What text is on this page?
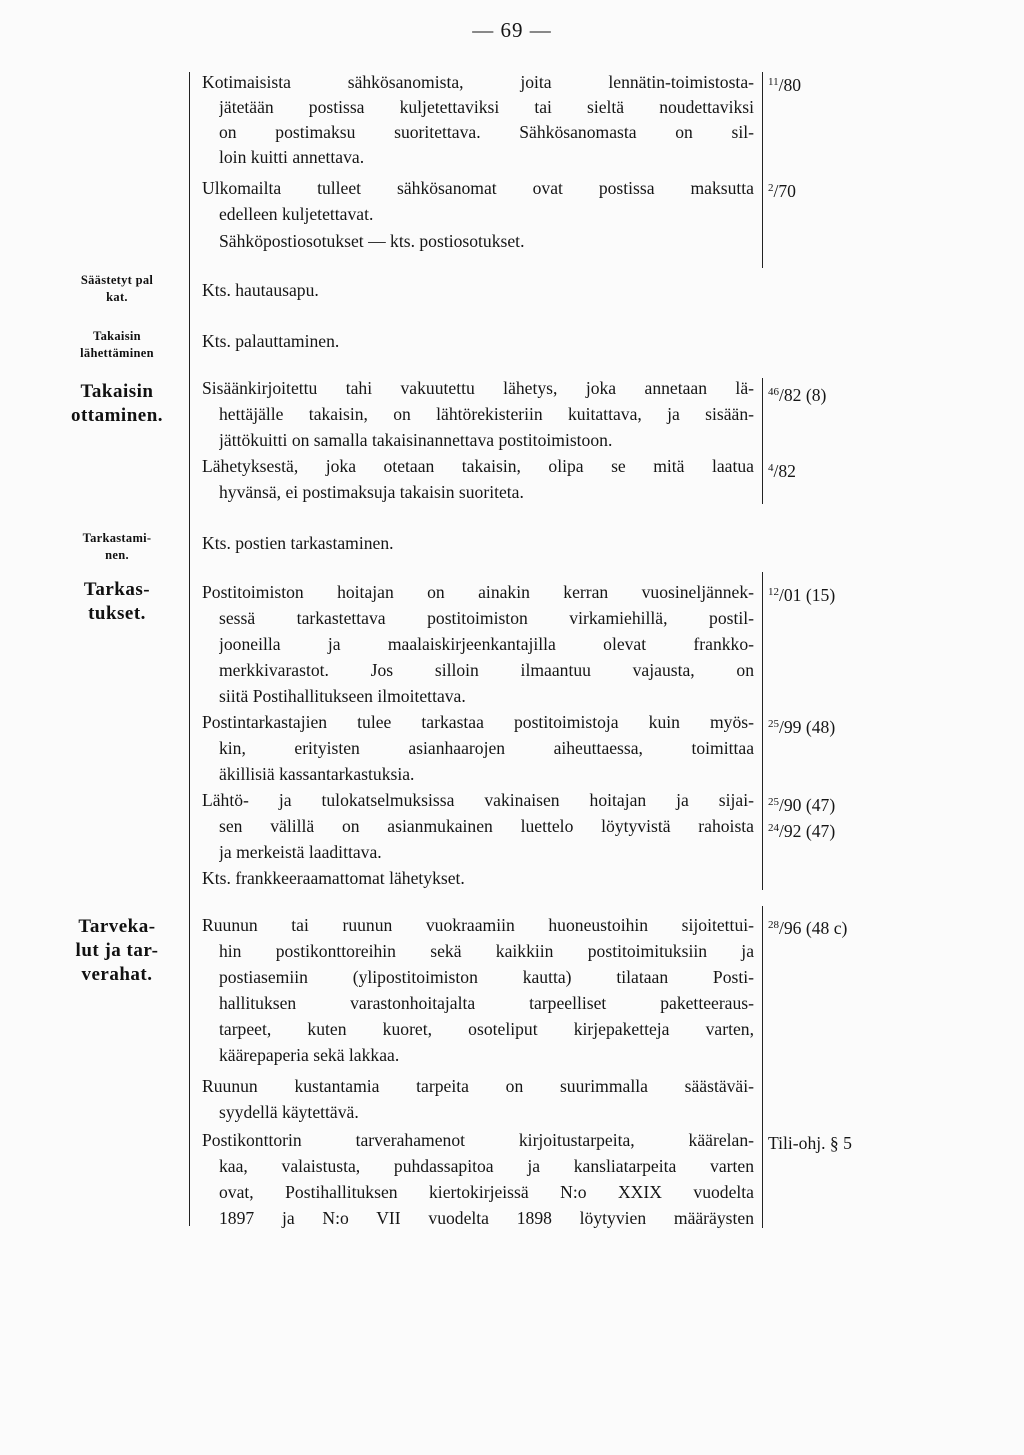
— 69 —
Säästetyt pal
kat.
Takaisin
lähettäminen
Takaisin
ottaminen.
Tarkastami-
nen.
Tarkas-
tukset.
Tarveka-
lut ja tar-
verahat.
Kotimaisista sähkösanomista, joita lennätin-toimistosta-
jätetään postissa kuljetettaviksi tai sieltä noudettaviksi
on postimaksu suoritettava. Sähkösanomasta on sil-
loin kuitti annettava.
Ulkomailta tulleet sähkösanomat ovat postissa maksutta
edelleen kuljetettavat.
Sähköpostiosotukset — kts. postiosotukset.
Kts. hautausapu.
Kts. palauttaminen.
Sisäänkirjoitettu tahi vakuutettu lähetys, joka annetaan lä-
hettäjälle takaisin, on lähtörekisteriin kuitattava, ja sisään-
jättökuitti on samalla takaisinannettava postitoimistoon.
Lähetyksestä, joka otetaan takaisin, olipa se mitä laatua
hyvänsä, ei postimaksuja takaisin suoriteta.
Kts. postien tarkastaminen.
Postitoimiston hoitajan on ainakin kerran vuosineljännek-
sessä tarkastettava postitoimiston virkamiehillä, postil-
jooneilla ja maalaiskirjeenkantajilla olevat frankko-
merkkivarastot. Jos silloin ilmaantuu vajausta, on
siitä Postihallitukseen ilmoitettava.
Postintarkastajien tulee tarkastaa postitoimistoja kuin myös-
kin, erityisten asianhaarojen aiheuttaessa, toimittaa
äkillisiä kassantarkastuksia.
Lähtö- ja tulokatselmuksissa vakinaisen hoitajan ja sijai-
sen välillä on asianmukainen luettelo löytyvistä rahoista
ja merkeistä laadittava.
Kts. frankkeeraamattomat lähetykset.
Ruunun tai ruunun vuokraamiin huoneustoihin sijoitettui-
hin postikonttoreihin sekä kaikkiin postitoimituksiin ja
postiasemiin (ylipostitoimiston kautta) tilataan Posti-
hallituksen varastonhoitajalta tarpeelliset paketteeraus-
tarpeet, kuten kuoret, osoteliput kirjepaketteja varten,
käärepaperia sekä lakkaa.
Ruunun kustantamia tarpeita on suurimmalla säästäväi-
syydellä käytettävä.
Postikonttorin tarverahamenot kirjoitustarpeita, käärelan-
kaa, valaistusta, puhdassapitoa ja kansliatarpeita varten
ovat, Postihallituksen kiertokirjeissä N:o XXIX vuodelta
1897 ja N:o VII vuodelta 1898 löytyvien määräysten
$^{11}$/80
$^2$/70
$^{46}$/82 (8)
$^4$/82
$^{12}$/01 (15)
$^{25}$/99 (48)
$^{25}$/90 (47)
$^{24}$/92 (47)
$^{28}$/96 (48 c)
Tili-ohj. § 5
